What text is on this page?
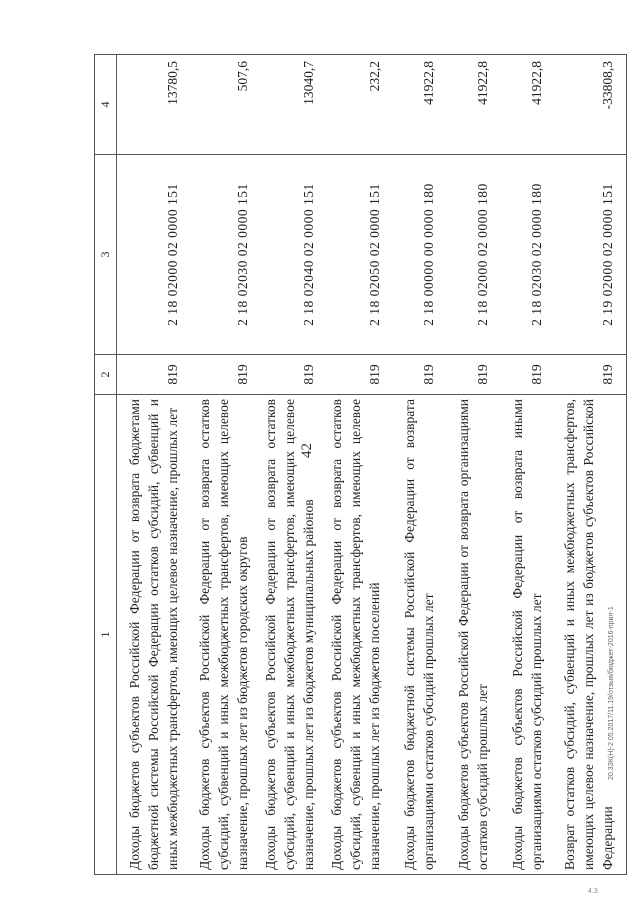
42
1	2	3	4
Доходы бюджетов субъектов Российской Федерации от возврата бюджетами бюджетной системы Российской Федерации остатков субсидий, субвенций и иных межбюджетных трансфертов, имеющих целевое назначение, прошлых лет	819	2 18 02000 02 0000 151	13780,5
Доходы бюджетов субъектов Российской Федерации от возврата остатков субсидий, субвенций и иных межбюджетных трансфертов, имеющих целевое назначение, прошлых лет из бюджетов городских округов	819	2 18 02030 02 0000 151	507,6
Доходы бюджетов субъектов Российской Федерации от возврата остатков субсидий, субвенций и иных межбюджетных трансфертов, имеющих целевое назначение, прошлых лет из бюджетов муниципальных районов	819	2 18 02040 02 0000 151	13040,7
Доходы бюджетов субъектов Российской Федерации от возврата остатков субсидий, субвенций и иных межбюджетных трансфертов, имеющих целевое назначение, прошлых лет из бюджетов поселений	819	2 18 02050 02 0000 151	232,2
Доходы бюджетов бюджетной системы Российской Федерации от возврата организациями остатков субсидий прошлых лет	819	2 18 00000 00 0000 180	41922,8
Доходы бюджетов субъектов Российской Федерации от возврата организациями остатков субсидий прошлых лет	819	2 18 02000 02 0000 180	41922,8
Доходы бюджетов субъектов Российской Федерации от возврата иными организациями остатков субсидий прошлых лет	819	2 18 02030 02 0000 180	41922,8
Возврат остатков субсидий, субвенций и иных межбюджетных трансфертов, имеющих целевое назначение, прошлых лет из бюджетов субъектов Российской Федерации	819	2 19 02000 02 0000 151	-33808,3
20.3ЗК(Н)-2 05.2017/11.19/отзыв/бюджет-2016-прил-1
4.3
